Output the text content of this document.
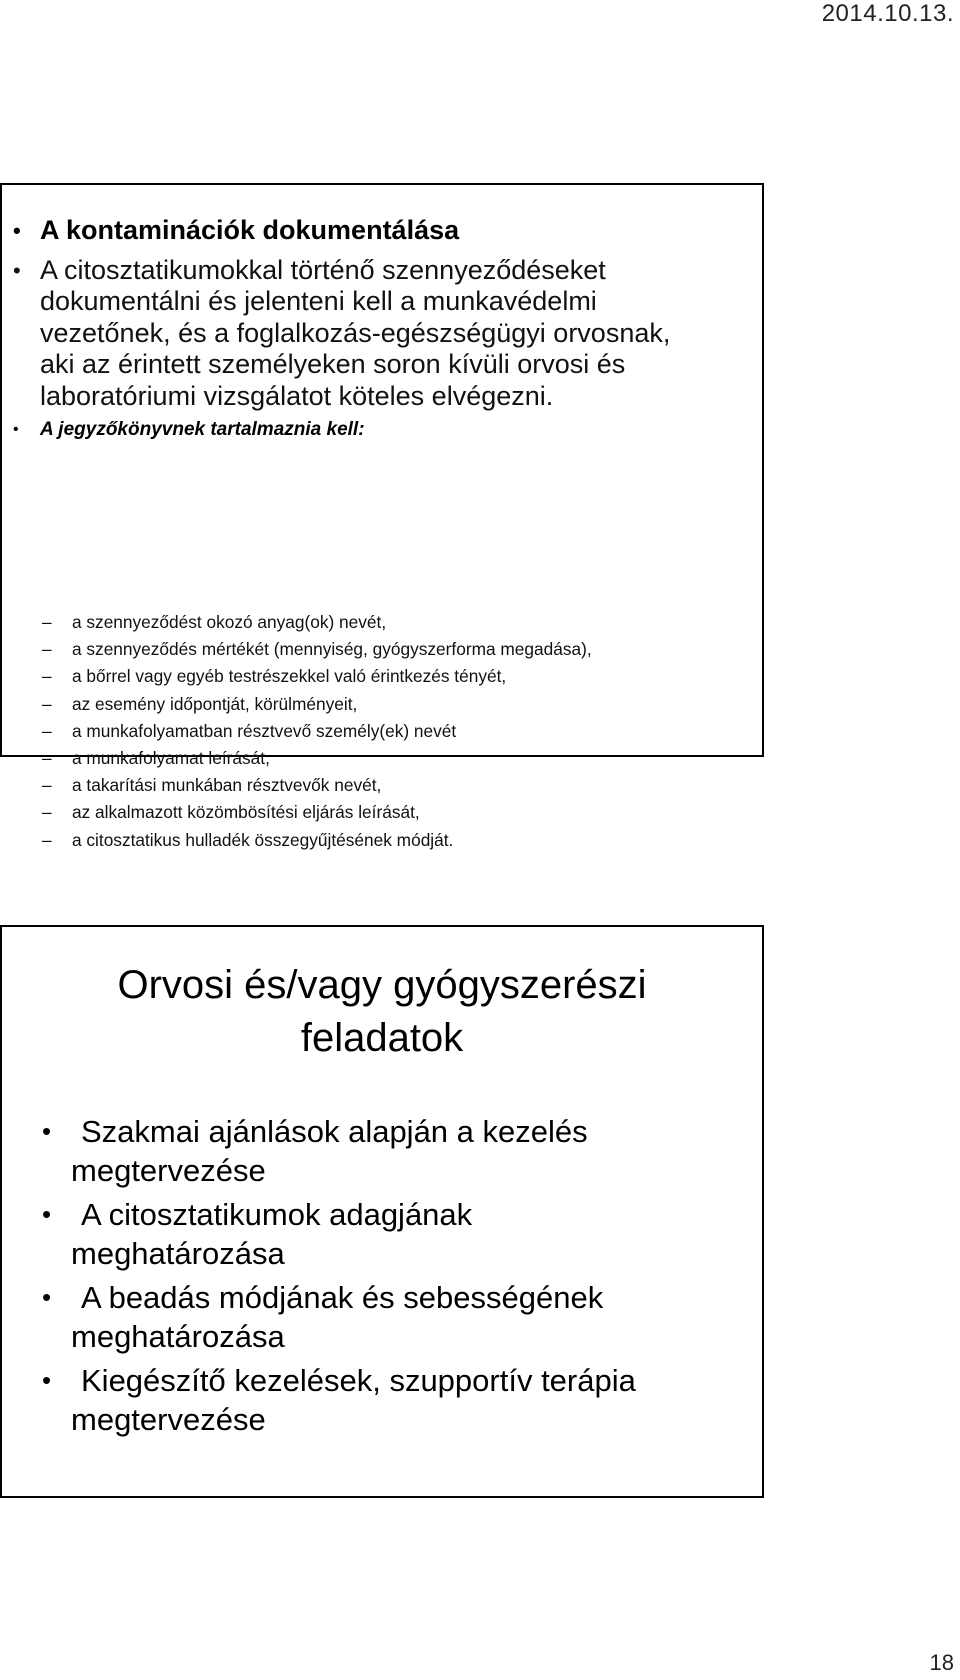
2014.10.13.
• A kontaminációk dokumentálása
• A citosztatikumokkal történő szennyeződéseket
dokumentálni és jelenteni kell a munkavédelmi
vezetőnek, és a foglalkozás-egészségügyi orvosnak,
aki az érintett személyeken soron kívüli orvosi és
laboratóriumi vizsgálatot köteles elvégezni.
• A jegyzőkönyvnek tartalmaznia kell:
– a szennyeződést okozó anyag(ok) nevét,
– a szennyeződés mértékét (mennyiség, gyógyszerforma megadása),
– a bőrrel vagy egyéb testrészekkel való érintkezés tényét,
– az esemény időpontját, körülményeit,
– a munkafolyamatban résztvevő személy(ek) nevét
– a munkafolyamat leírását,
– a takarítási munkában résztvevők nevét,
– az alkalmazott közömbösítési eljárás leírását,
– a citosztatikus hulladék összegyűjtésének módját.
Orvosi és/vagy gyógyszerészi
feladatok
• Szakmai ajánlások alapján a kezelés
megtervezése
• A citosztatikumok adagjának
meghatározása
• A beadás módjának és sebességének
meghatározása
• Kiegészítő kezelések, szupportív terápia
megtervezése
18
